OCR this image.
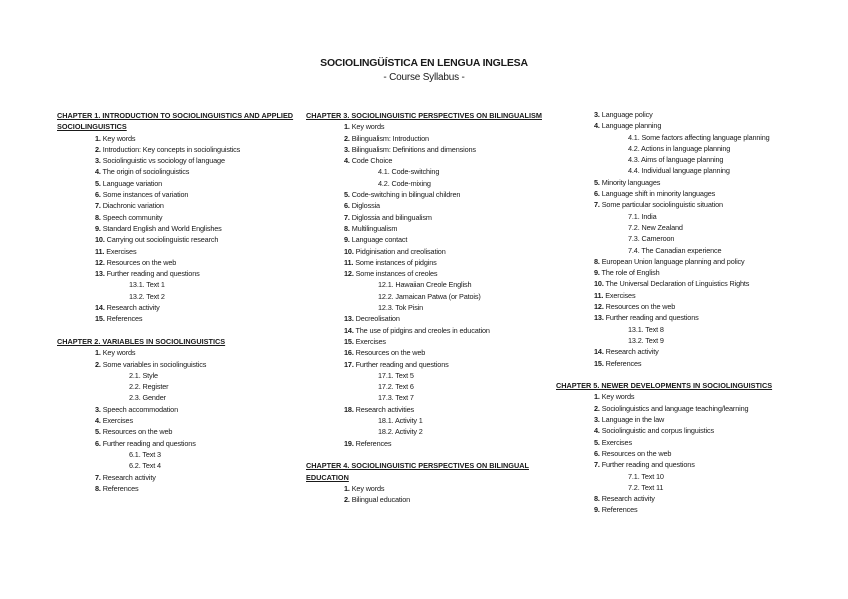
SOCIOLINGÜÍSTICA EN LENGUA INGLESA
- Course Syllabus -
CHAPTER 1. INTRODUCTION TO SOCIOLINGUISTICS AND APPLIED SOCIOLINGUISTICS
1. Key words
2. Introduction: Key concepts in sociolinguistics
3. Sociolinguistic vs sociology of language
4. The origin of sociolinguistics
5. Language variation
6. Some instances of variation
7. Diachronic variation
8. Speech community
9. Standard English and World Englishes
10. Carrying out sociolinguistic research
11. Exercises
12. Resources on the web
13. Further reading and questions
13.1. Text 1
13.2. Text 2
14. Research activity
15. References
CHAPTER 2. VARIABLES IN SOCIOLINGUISTICS
1. Key words
2. Some variables in sociolinguistics
2.1. Style
2.2. Register
2.3. Gender
3. Speech accommodation
4. Exercises
5. Resources on the web
6. Further reading and questions
6.1. Text 3
6.2. Text 4
7. Research activity
8. References
CHAPTER 3. SOCIOLINGUISTIC PERSPECTIVES ON BILINGUALISM
1. Key words
2. Bilingualism: Introduction
3. Bilingualism: Definitions and dimensions
4. Code Choice
4.1. Code-switching
4.2. Code-mixing
5. Code-switching in bilingual children
6. Diglossia
7. Diglossia and bilingualism
8. Multilingualism
9. Language contact
10. Pidginisation and creolisation
11. Some instances of pidgins
12. Some instances of creoles
12.1. Hawaiian Creole English
12.2. Jamaican Patwa (or Patois)
12.3. Tok Pisin
13. Decreolisation
14. The use of pidgins and creoles in education
15. Exercises
16. Resources on the web
17. Further reading and questions
17.1. Text 5
17.2. Text 6
17.3. Text 7
18. Research activities
18.1. Activity 1
18.2. Activity 2
19. References
CHAPTER 4. SOCIOLINGUISTIC PERSPECTIVES ON BILINGUAL EDUCATION
1. Key words
2. Bilingual education
3. Language policy
4. Language planning
4.1. Some factors affecting language planning
4.2. Actions in language planning
4.3. Aims of language planning
4.4. Individual language planning
5. Minority languages
6. Language shift in minority languages
7. Some particular sociolinguistic situation
7.1. India
7.2. New Zealand
7.3. Cameroon
7.4. The Canadian experience
8. European Union language planning and policy
9. The role of English
10. The Universal Declaration of Linguistics Rights
11. Exercises
12. Resources on the web
13. Further reading and questions
13.1. Text 8
13.2. Text 9
14. Research activity
15. References
CHAPTER 5. NEWER DEVELOPMENTS IN SOCIOLINGUISTICS
1. Key words
2. Sociolinguistics and language teaching/learning
3. Language in the law
4. Sociolinguistic and corpus linguistics
5. Exercises
6. Resources on the web
7. Further reading and questions
7.1. Text 10
7.2. Text 11
8. Research activity
9. References
